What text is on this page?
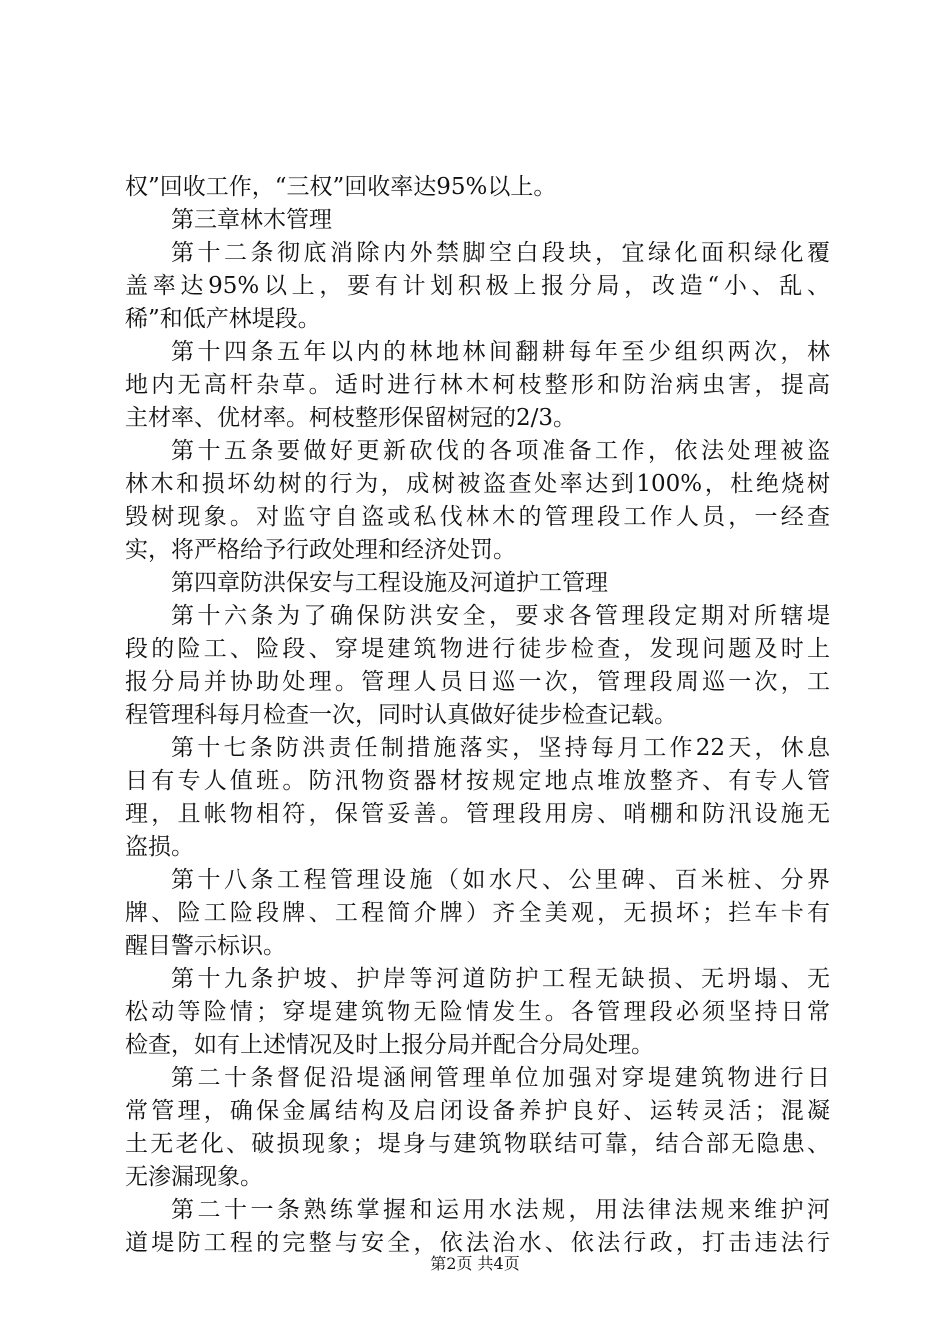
权”回收工作，“三权”回收率达95%以上。
第三章林木管理
第十二条彻底消除内外禁脚空白段块，宜绿化面积绿化覆
盖率达95%以上，要有计划积极上报分局，改造“小、乱、
稀”和低产林堤段。
第十四条五年以内的林地林间翻耕每年至少组织两次，林
地内无高杆杂草。适时进行林木柯枝整形和防治病虫害，提高
主材率、优材率。柯枝整形保留树冠的2/3。
第十五条要做好更新砍伐的各项准备工作，依法处理被盗
林木和损坏幼树的行为，成树被盗查处率达到100%，杜绝烧树
毁树现象。对监守自盗或私伐林木的管理段工作人员，一经查
实，将严格给予行政处理和经济处罚。
第四章防洪保安与工程设施及河道护工管理
第十六条为了确保防洪安全，要求各管理段定期对所辖堤
段的险工、险段、穿堤建筑物进行徒步检查，发现问题及时上
报分局并协助处理。管理人员日巡一次，管理段周巡一次，工
程管理科每月检查一次，同时认真做好徒步检查记载。
第十七条防洪责任制措施落实，坚持每月工作22天，休息
日有专人值班。防汛物资器材按规定地点堆放整齐、有专人管
理，且帐物相符，保管妥善。管理段用房、哨棚和防汛设施无
盗损。
第十八条工程管理设施（如水尺、公里碑、百米桩、分界
牌、险工险段牌、工程简介牌）齐全美观，无损坏；拦车卡有
醒目警示标识。
第十九条护坡、护岸等河道防护工程无缺损、无坍塌、无
松动等险情；穿堤建筑物无险情发生。各管理段必须坚持日常
检查，如有上述情况及时上报分局并配合分局处理。
第二十条督促沿堤涵闸管理单位加强对穿堤建筑物进行日
常管理，确保金属结构及启闭设备养护良好、运转灵活；混凝
土无老化、破损现象；堤身与建筑物联结可靠，结合部无隐患、
无渗漏现象。
第二十一条熟练掌握和运用水法规，用法律法规来维护河
道堤防工程的完整与安全，依法治水、依法行政，打击违法行
第2页 共4页
